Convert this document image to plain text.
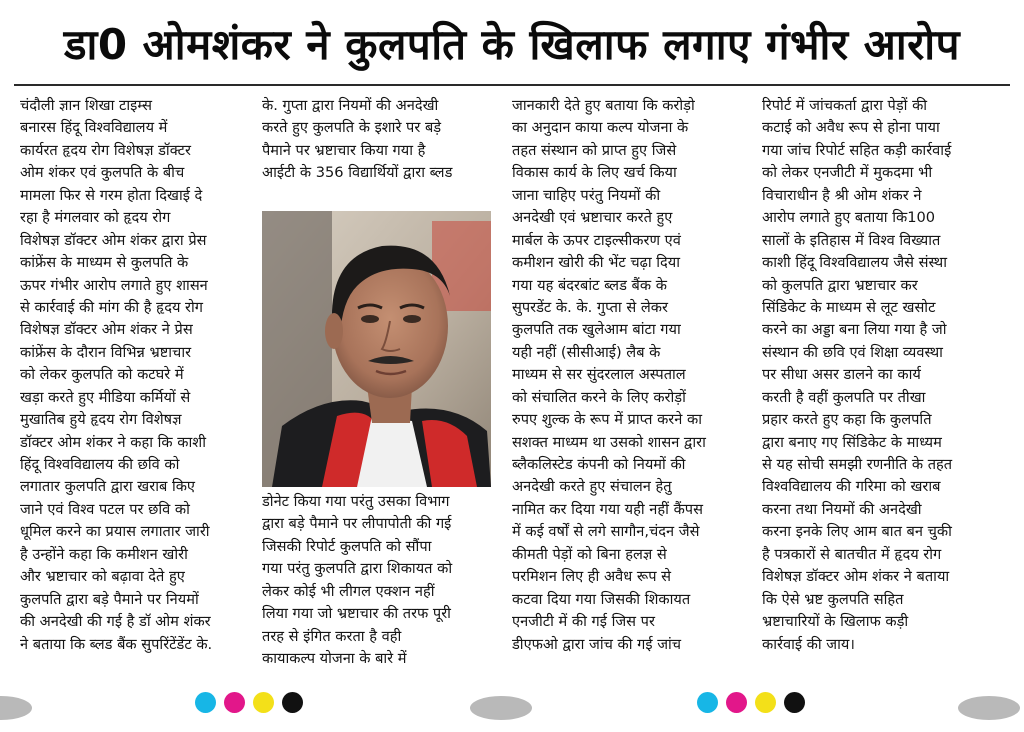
डा0 ओमशंकर ने कुलपति के खिलाफ लगाए गंभीर आरोप
चंदौली ज्ञान शिखा टाइम्स
बनारस हिंदू विश्वविद्यालय में
कार्यरत हृदय रोग विशेषज्ञ डॉक्टर
ओम शंकर एवं कुलपति के बीच
मामला फिर से गरम होता दिखाई दे
रहा है मंगलवार को हृदय रोग
विशेषज्ञ डॉक्टर ओम शंकर द्वारा प्रेस
कांफ्रेंस के माध्यम से कुलपति के
ऊपर गंभीर आरोप लगाते हुए शासन
से कार्रवाई की मांग की है हृदय रोग
विशेषज्ञ डॉक्टर ओम शंकर ने प्रेस
कांफ्रेंस के दौरान विभिन्न भ्रष्टाचार
को लेकर कुलपति को कटघरे में
खड़ा करते हुए मीडिया कर्मियों से
मुखातिब हुये हृदय रोग विशेषज्ञ
डॉक्टर ओम शंकर ने कहा कि काशी
हिंदू विश्वविद्यालय की छवि को
लगातार कुलपति द्वारा खराब किए
जाने एवं विश्व पटल पर छवि को
धूमिल करने का प्रयास लगातार जारी
है उन्होंने कहा कि कमीशन खोरी
और भ्रष्टाचार को बढ़ावा देते हुए
कुलपति द्वारा बड़े पैमाने पर नियमों
की अनदेखी की गई है डॉ ओम शंकर
ने बताया कि ब्लड बैंक सुपरिंटेंडेंट के.
के. गुप्ता द्वारा नियमों की अनदेखी
करते हुए कुलपति के इशारे पर बड़े
पैमाने पर भ्रष्टाचार किया गया है
आईटी के 356 विद्यार्थियों द्वारा ब्लड
डोनेट किया गया परंतु उसका विभाग
द्वारा बड़े पैमाने पर लीपापोती की गई
जिसकी रिपोर्ट कुलपति को सौंपा
गया परंतु कुलपति द्वारा शिकायत को
लेकर कोई भी लीगल एक्शन नहीं
लिया गया जो भ्रष्टाचार की तरफ पूरी
तरह से इंगित करता है वही
कायाकल्प योजना के बारे में
जानकारी देते हुए बताया कि करोड़ो
का अनुदान काया कल्प योजना के
तहत संस्थान को प्राप्त हुए जिसे
विकास कार्य के लिए खर्च किया
जाना चाहिए परंतु नियमों की
अनदेखी एवं भ्रष्टाचार करते हुए
मार्बल के ऊपर टाइल्सीकरण एवं
कमीशन खोरी की भेंट चढ़ा दिया
गया यह बंदरबांट ब्लड बैंक के
सुपरडेंट के. के. गुप्ता से लेकर
कुलपति तक खुलेआम बांटा गया
यही नहीं (सीसीआई) लैब के
माध्यम से सर सुंदरलाल अस्पताल
को संचालित करने के लिए करोड़ों
रुपए शुल्क के रूप में प्राप्त करने का
सशक्त माध्यम था उसको शासन द्वारा
ब्लैकलिस्टेड कंपनी को नियमों की
अनदेखी करते हुए संचालन हेतु
नामित कर दिया गया यही नहीं कैंपस
में कई वर्षों से लगे सागौन,चंदन जैसे
कीमती पेड़ों को बिना हलज्ञ से
परमिशन लिए ही अवैध रूप से
कटवा दिया गया जिसकी शिकायत
एनजीटी में की गई जिस पर
डीएफओ द्वारा जांच की गई जांच
रिपोर्ट में जांचकर्ता द्वारा पेड़ों की
कटाई को अवैध रूप से होना पाया
गया जांच रिपोर्ट सहित कड़ी कार्रवाई
को लेकर एनजीटी में मुकदमा भी
विचाराधीन है श्री ओम शंकर ने
आरोप लगाते हुए बताया कि100
सालों के इतिहास में विश्व विख्यात
काशी हिंदू विश्वविद्यालय जैसे संस्था
को कुलपति द्वारा भ्रष्टाचार कर
सिंडिकेट के माध्यम से लूट खसोट
करने का अड्डा बना लिया गया है जो
संस्थान की छवि एवं शिक्षा व्यवस्था
पर सीधा असर डालने का कार्य
करती है वहीं कुलपति पर तीखा
प्रहार करते हुए कहा कि कुलपति
द्वारा बनाए गए सिंडिकेट के माध्यम
से यह सोची समझी रणनीति के तहत
विश्वविद्यालय की गरिमा को खराब
करना तथा नियमों की अनदेखी
करना इनके लिए आम बात बन चुकी
है पत्रकारों से बातचीत में हृदय रोग
विशेषज्ञ डॉक्टर ओम शंकर ने बताया
कि ऐसे भ्रष्ट कुलपति सहित
भ्रष्टाचारियों के खिलाफ कड़ी
कार्रवाई की जाय।
